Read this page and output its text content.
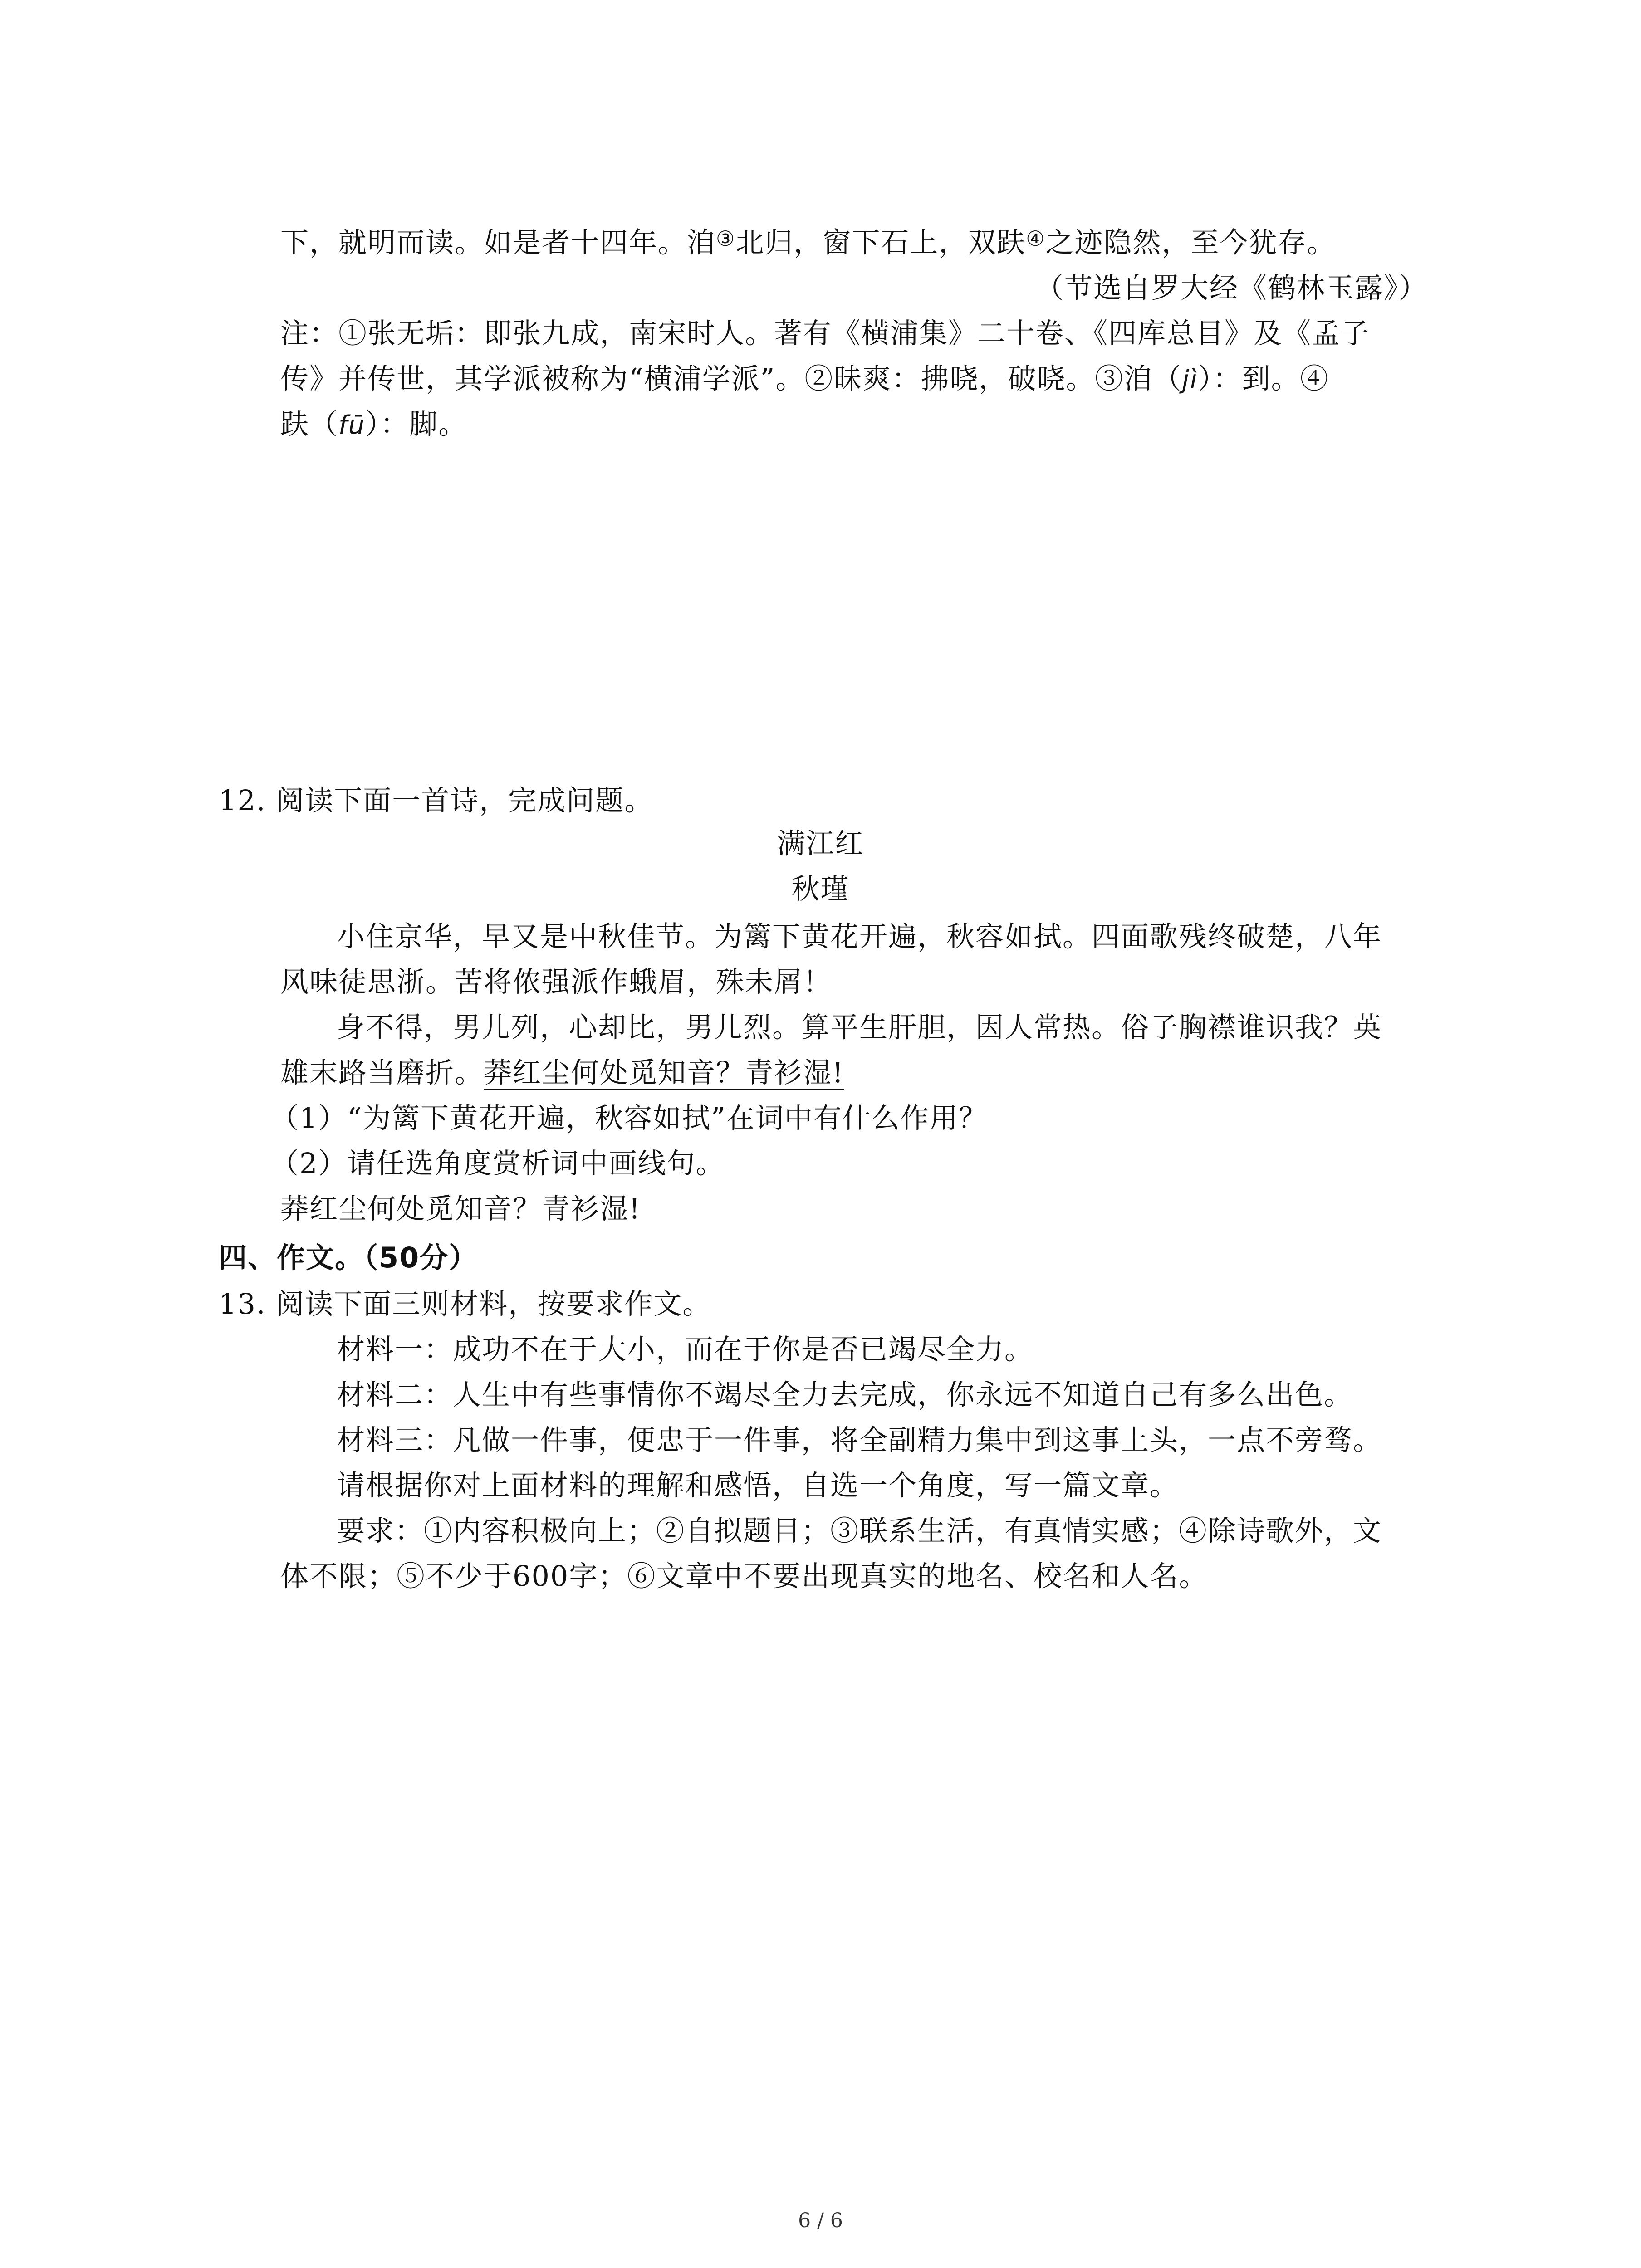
下，就明而读。如是者十四年。洎③北归，窗下石上，双趺④之迹隐然，至今犹存。
（节选自罗大经《鹤林玉露》）
注：①张无垢：即张九成，南宋时人。著有《横浦集》二十卷、《四库总目》及《孟子
传》并传世，其学派被称为“横浦学派”。②昧爽：拂晓，破晓。③洎（jì）：到。④
趺（fū）：脚。
12. 阅读下面一首诗，完成问题。
满江红
秋瑾
小住京华，早又是中秋佳节。为篱下黄花开遍，秋容如拭。四面歌残终破楚，八年
风味徒思浙。苦将侬强派作蛾眉，殊未屑！
身不得，男儿列，心却比，男儿烈。算平生肝胆，因人常热。俗子胸襟谁识我？英
雄末路当磨折。莽红尘何处觅知音？青衫湿!
（1）“为篱下黄花开遍，秋容如拭”在词中有什么作用？
（2）请任选角度赏析词中画线句。
莽红尘何处觅知音？青衫湿!
四、作文。（50分）
13. 阅读下面三则材料，按要求作文。
材料一：成功不在于大小，而在于你是否已竭尽全力。
材料二：人生中有些事情你不竭尽全力去完成，你永远不知道自己有多么出色。
材料三：凡做一件事，便忠于一件事，将全副精力集中到这事上头，一点不旁骛。
请根据你对上面材料的理解和感悟，自选一个角度，写一篇文章。
要求：①内容积极向上；②自拟题目；③联系生活，有真情实感；④除诗歌外，文
体不限；⑤不少于600字；⑥文章中不要出现真实的地名、校名和人名。
6 / 6
